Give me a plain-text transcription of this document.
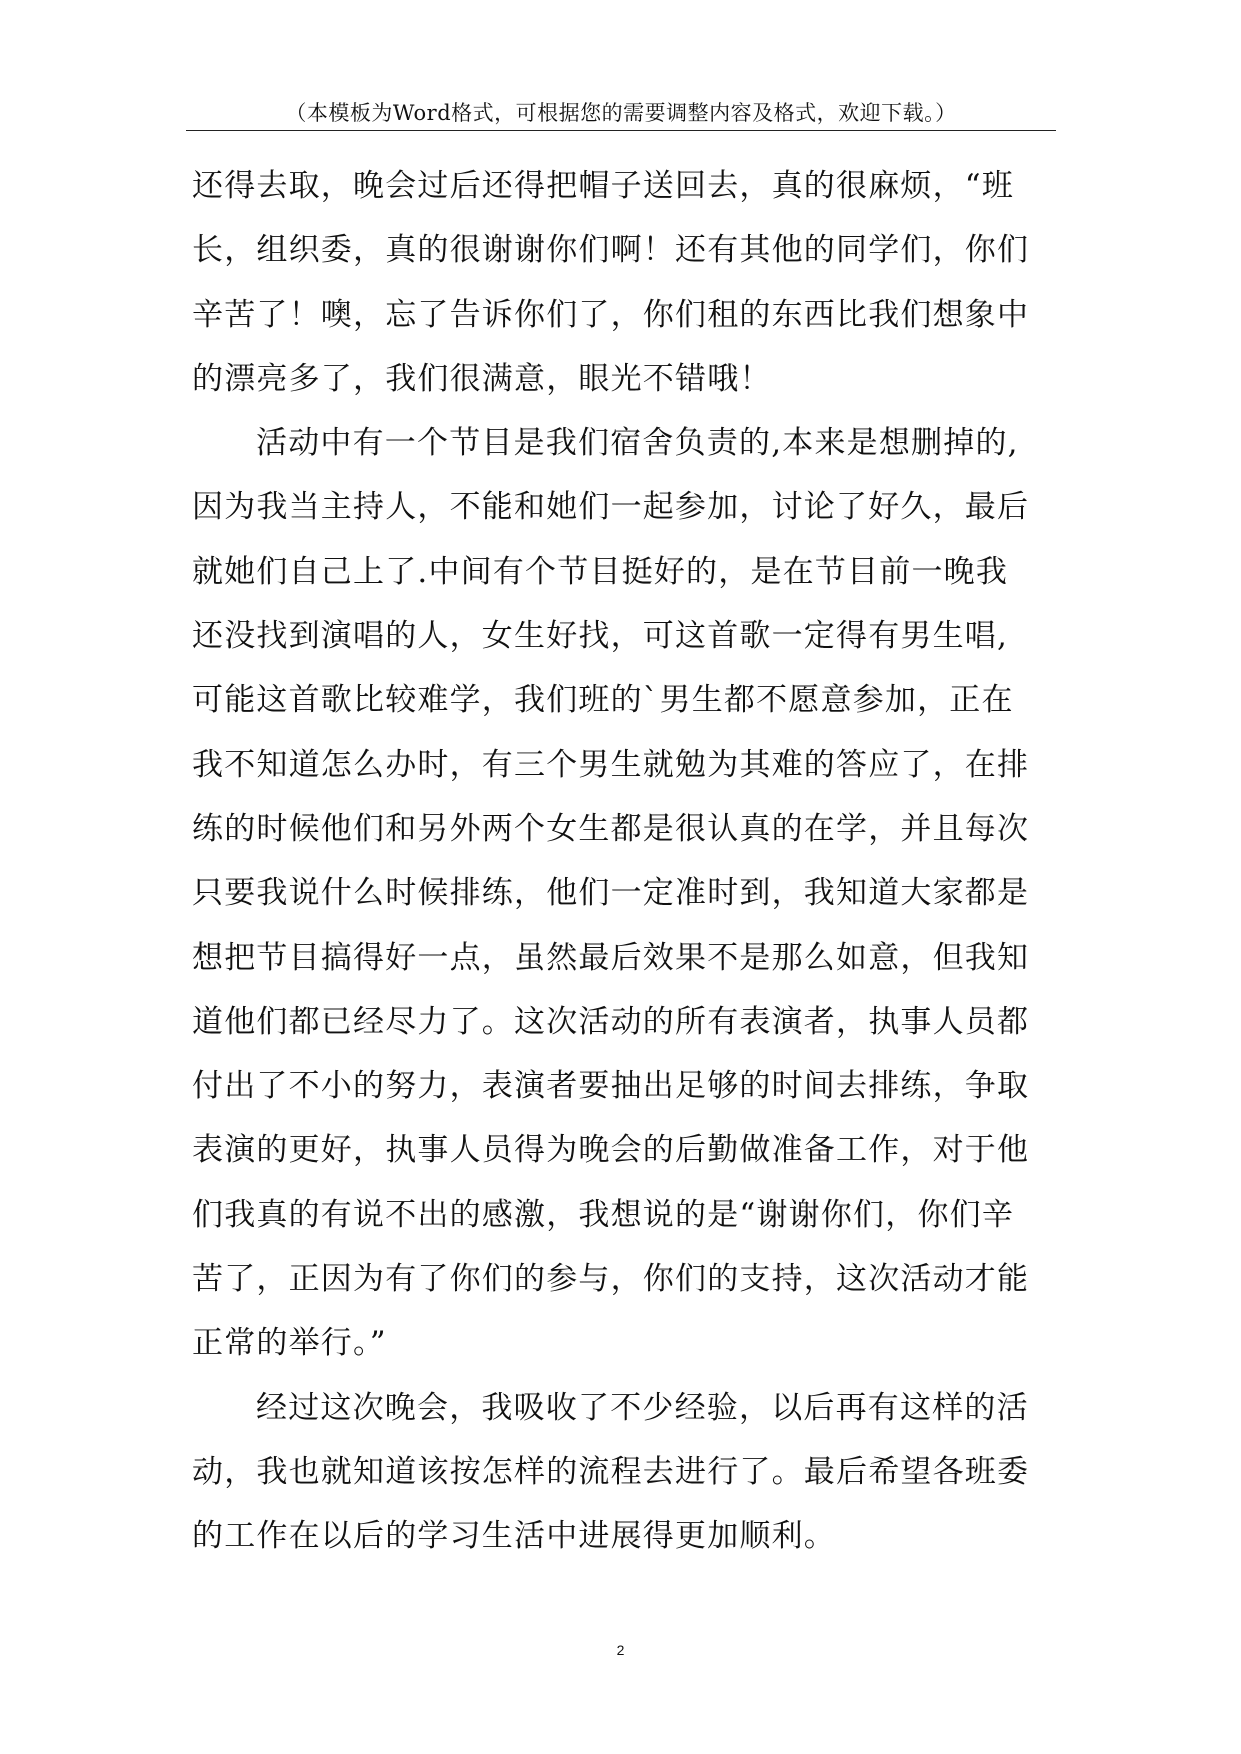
（本模板为Word格式，可根据您的需要调整内容及格式，欢迎下载。）
还得去取，晚会过后还得把帽子送回去，真的很麻烦，“班
长，组织委，真的很谢谢你们啊！还有其他的同学们，你们
辛苦了！噢，忘了告诉你们了，你们租的东西比我们想象中
的漂亮多了，我们很满意，眼光不错哦！
活动中有一个节目是我们宿舍负责的,本来是想删掉的,
因为我当主持人，不能和她们一起参加，讨论了好久，最后
就她们自己上了.中间有个节目挺好的，是在节目前一晚我
还没找到演唱的人，女生好找，可这首歌一定得有男生唱,
可能这首歌比较难学，我们班的`男生都不愿意参加，正在
我不知道怎么办时，有三个男生就勉为其难的答应了，在排
练的时候他们和另外两个女生都是很认真的在学，并且每次
只要我说什么时候排练，他们一定准时到，我知道大家都是
想把节目搞得好一点，虽然最后效果不是那么如意，但我知
道他们都已经尽力了。这次活动的所有表演者，执事人员都
付出了不小的努力，表演者要抽出足够的时间去排练，争取
表演的更好，执事人员得为晚会的后勤做准备工作，对于他
们我真的有说不出的感激，我想说的是“谢谢你们，你们辛
苦了，正因为有了你们的参与，你们的支持，这次活动才能
正常的举行。”
经过这次晚会，我吸收了不少经验，以后再有这样的活
动，我也就知道该按怎样的流程去进行了。最后希望各班委
的工作在以后的学习生活中进展得更加顺利。
2
